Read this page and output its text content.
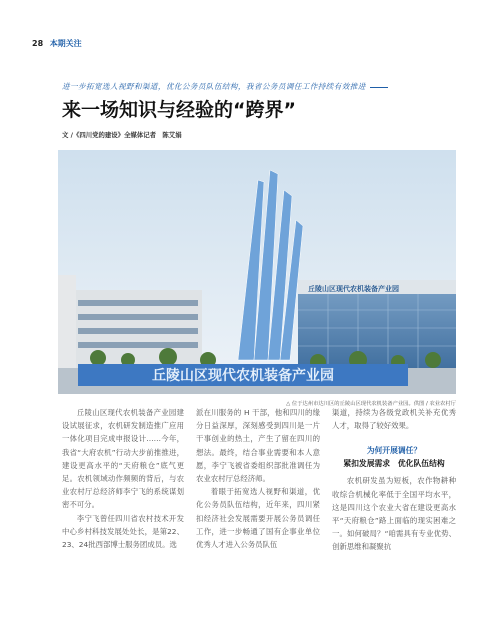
28 本期关注
进一步拓宽选人视野和渠道，优化公务员队伍结构，我省公务员调任工作持续有效推进
来一场知识与经验的“跨界”
文 /《四川党的建设》全媒体记者　陈艾娟
丘陵山区现代农机装备产业园
丘陵山区现代农机装备产业园
△ 位于达州市达川区的丘陵山区现代农机装备产业园。供图 / 农业农村厅

丘陵山区现代农机装备产业园建设试展征求，农机研发制造推广应用一体化项目完成申报设计……今年，我省“大府农机”行动大步前推推进，建设更高水平的“天府粮仓”底气更足。农机领域动作频频的背后，与农业农村厅总经济师李宁飞的系统谋划密不可分。

李宁飞曾任四川省农村技术开发中心乡村科技发展处处长，是第22、23、24批西部博士服务团成员。选

派在川服务的 H 干部，他和四川的缘分日益深厚，深刻感受到四川是一片干事创业的热土，产生了留在四川的想法。最终，结合事业需要和本人意愿，李宁飞被省委组织部批准调任为农业农村厅总经济师。

着眼于拓宽选人视野和渠道，优化公务员队伍结构，近年来，四川紧扣经济社会发展需要开展公务员调任工作，进一步畅通了国有企事业单位优秀人才进入公务员队伍

渠道，持续为各级党政机关补充优秀人才，取得了较好效果。

为何开展调任？
紧扣发展需求　优化队伍结构

农机研发虽为短板，农作物耕种收综合机械化率低于全国平均水平，这是四川这个农业大省在建设更高水平“天府粮仓”路上面临的现实困难之一。如何破局？“咱需具有专业优势、创新思维和凝聚抗
